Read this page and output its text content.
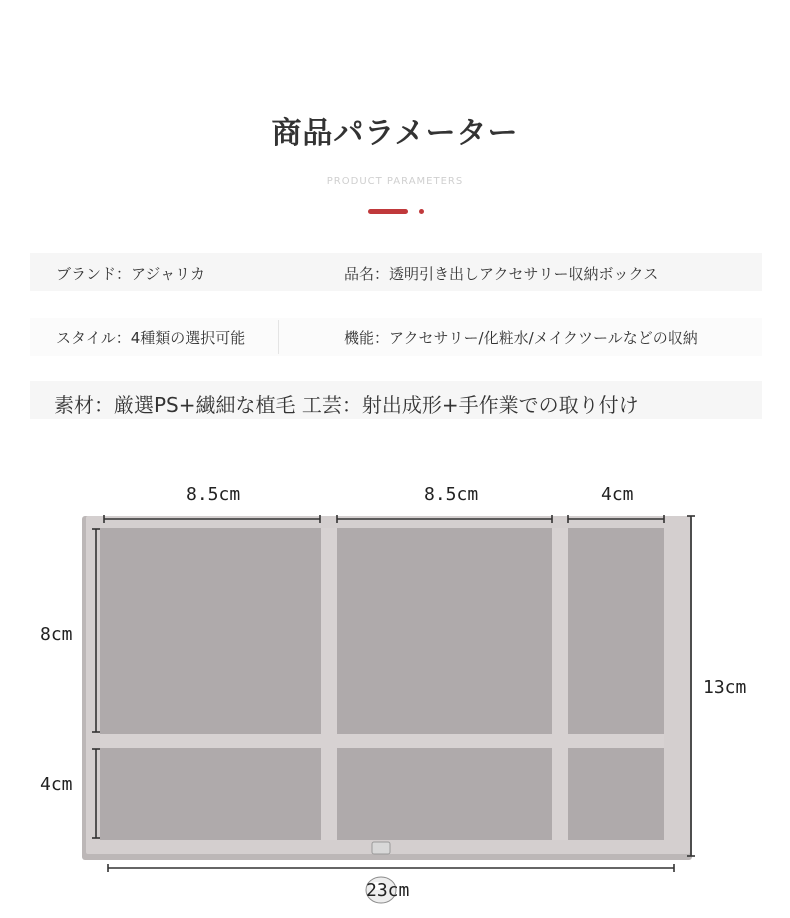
商品パラメーター
PRODUCT PARAMETERS
ブランド：アジャリカ	品名：透明引き出しアクセサリー収納ボックス
スタイル：4種類の選択可能	機能：アクセサリー/化粧水/メイクツールなどの収納
素材：厳選PS+繊細な植毛 工芸：射出成形+手作業での取り付け
8.5cm	8.5cm	4cm
8cm
4cm
13cm
23cm
